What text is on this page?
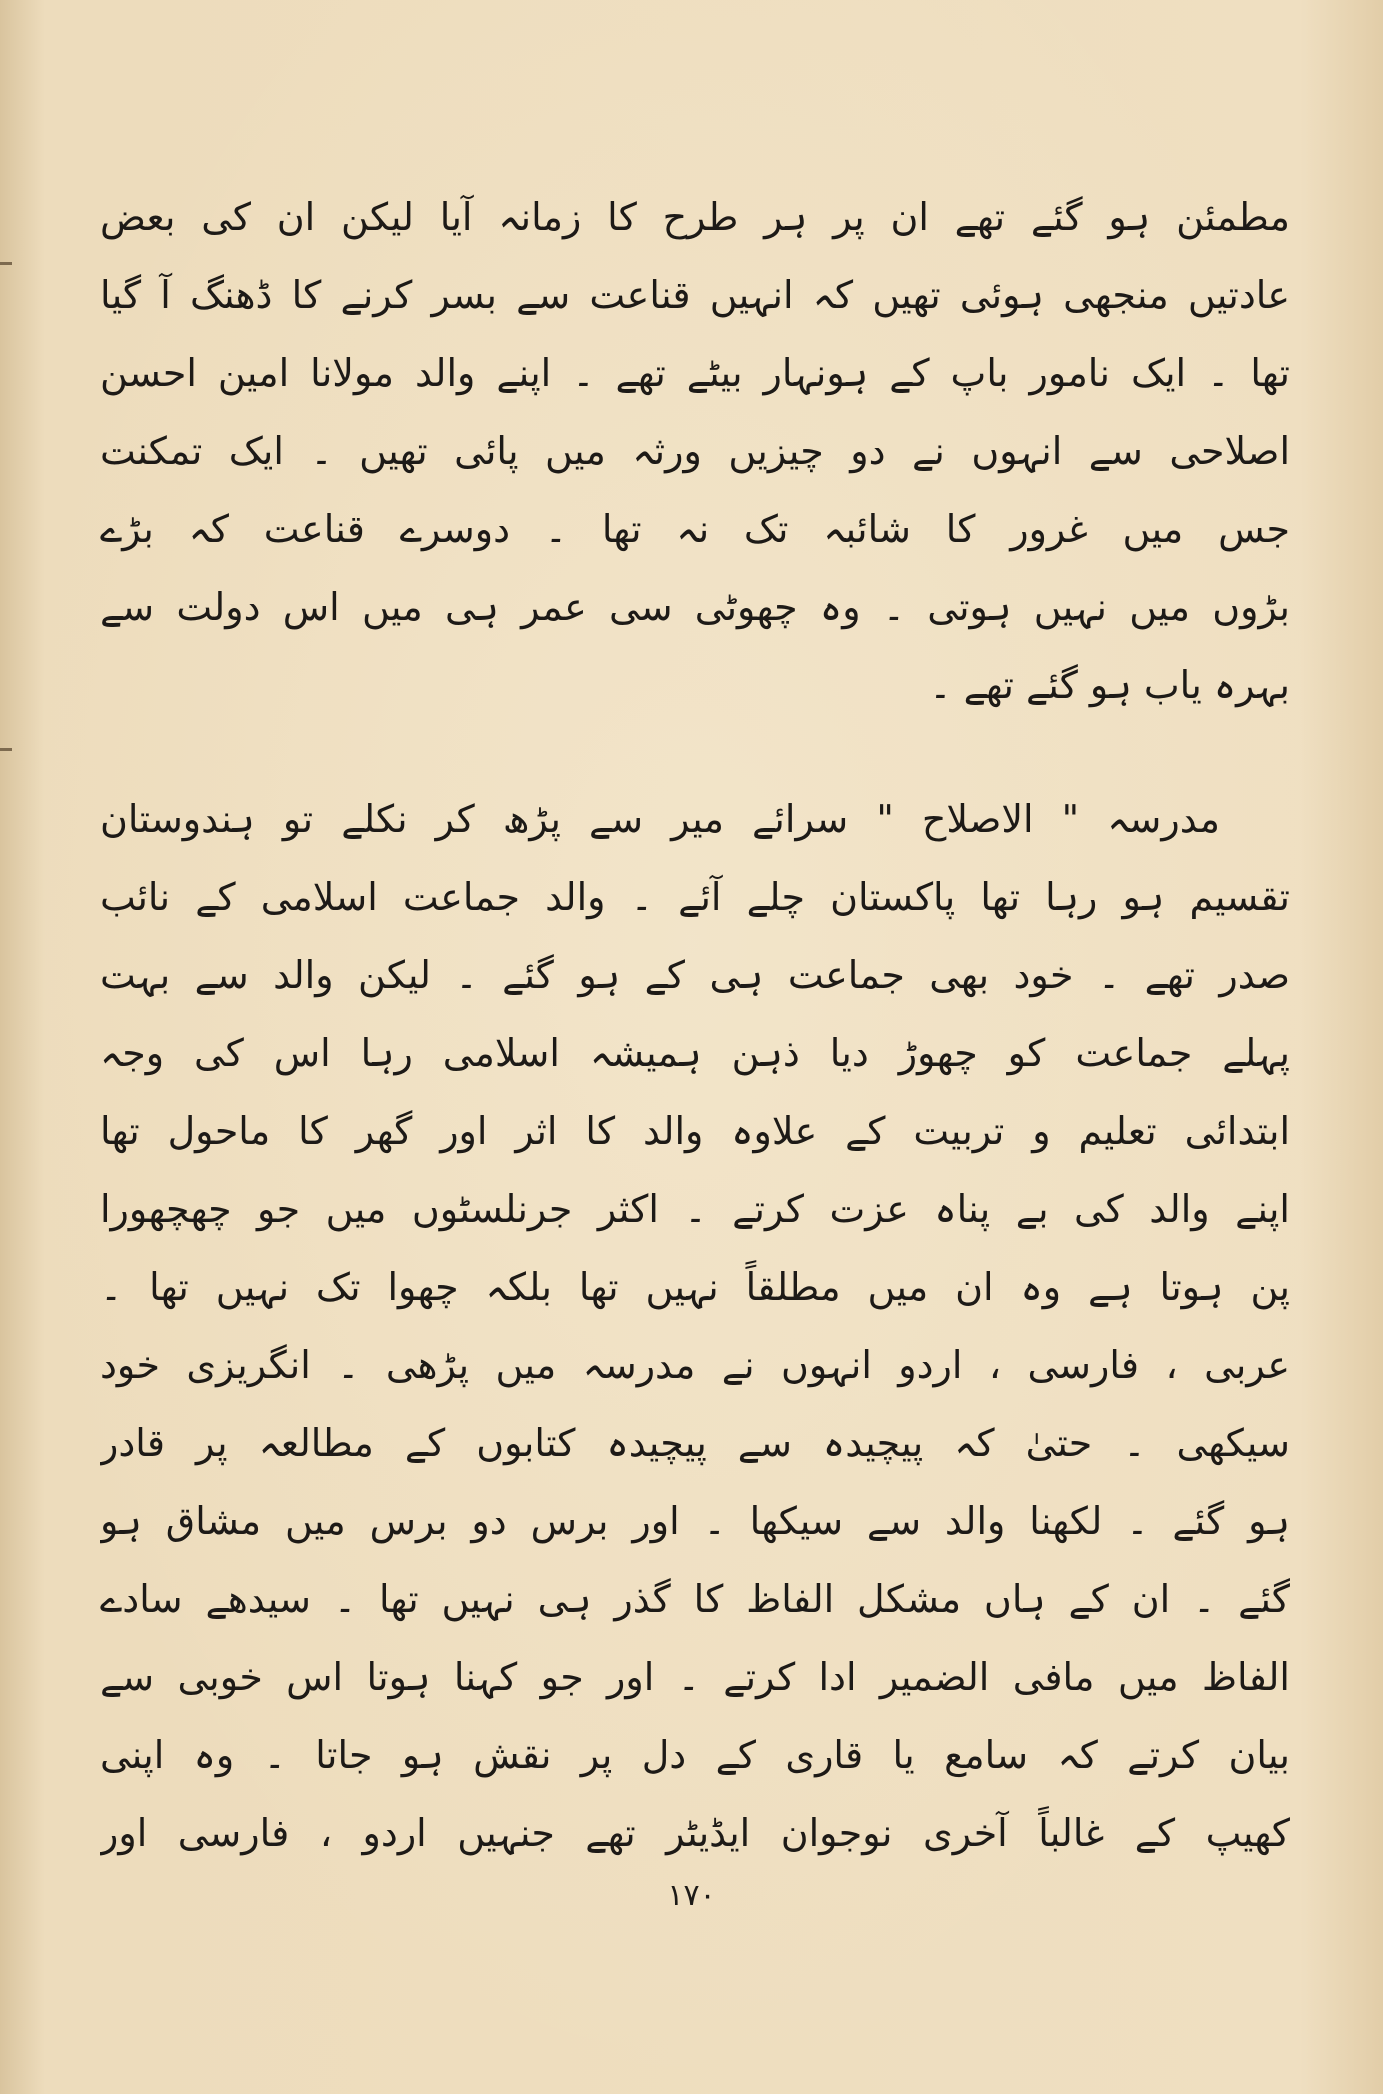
مطمئن ہو گئے تھے ان پر ہر طرح کا زمانہ آیا لیکن ان کی بعض
عادتیں منجھی ہوئی تھیں کہ انہیں قناعت سے بسر کرنے کا ڈھنگ آ گیا
تھا ۔ ایک نامور باپ کے ہونہار بیٹے تھے ۔ اپنے والد مولانا امین احسن
اصلاحی سے انہوں نے دو چیزیں ورثہ میں پائی تھیں ۔ ایک تمکنت
جس میں غرور کا شائبہ تک نہ تھا ۔ دوسرے قناعت کہ بڑے
بڑوں میں نہیں ہوتی ۔ وہ چھوٹی سی عمر ہی میں اس دولت سے
بہرہ یاب ہو گئے تھے ۔
مدرسہ " الاصلاح " سرائے میر سے پڑھ کر نکلے تو ہندوستان
تقسیم ہو رہا تھا پاکستان چلے آئے ۔ والد جماعت اسلامی کے نائب
صدر تھے ۔ خود بھی جماعت ہی کے ہو گئے ۔ لیکن والد سے بہت
پہلے جماعت کو چھوڑ دیا ذہن ہمیشہ اسلامی رہا اس کی وجہ
ابتدائی تعلیم و تربیت کے علاوہ والد کا اثر اور گھر کا ماحول تھا
اپنے والد کی بے پناہ عزت کرتے ۔ اکثر جرنلسٹوں میں جو چھچھورا
پن ہوتا ہے وہ ان میں مطلقاً نہیں تھا بلکہ چھوا تک نہیں تھا ۔
عربی ، فارسی ، اردو انہوں نے مدرسہ میں پڑھی ۔ انگریزی خود
سیکھی ۔ حتیٰ کہ پیچیدہ سے پیچیدہ کتابوں کے مطالعہ پر قادر
ہو گئے ۔ لکھنا والد سے سیکھا ۔ اور برس دو برس میں مشاق ہو
گئے ۔ ان کے ہاں مشکل الفاظ کا گذر ہی نہیں تھا ۔ سیدھے سادے
الفاظ میں مافی الضمیر ادا کرتے ۔ اور جو کہنا ہوتا اس خوبی سے
بیان کرتے کہ سامع یا قاری کے دل پر نقش ہو جاتا ۔ وہ اپنی
کھیپ کے غالباً آخری نوجوان ایڈیٹر تھے جنہیں اردو ، فارسی اور
۱۷۰
